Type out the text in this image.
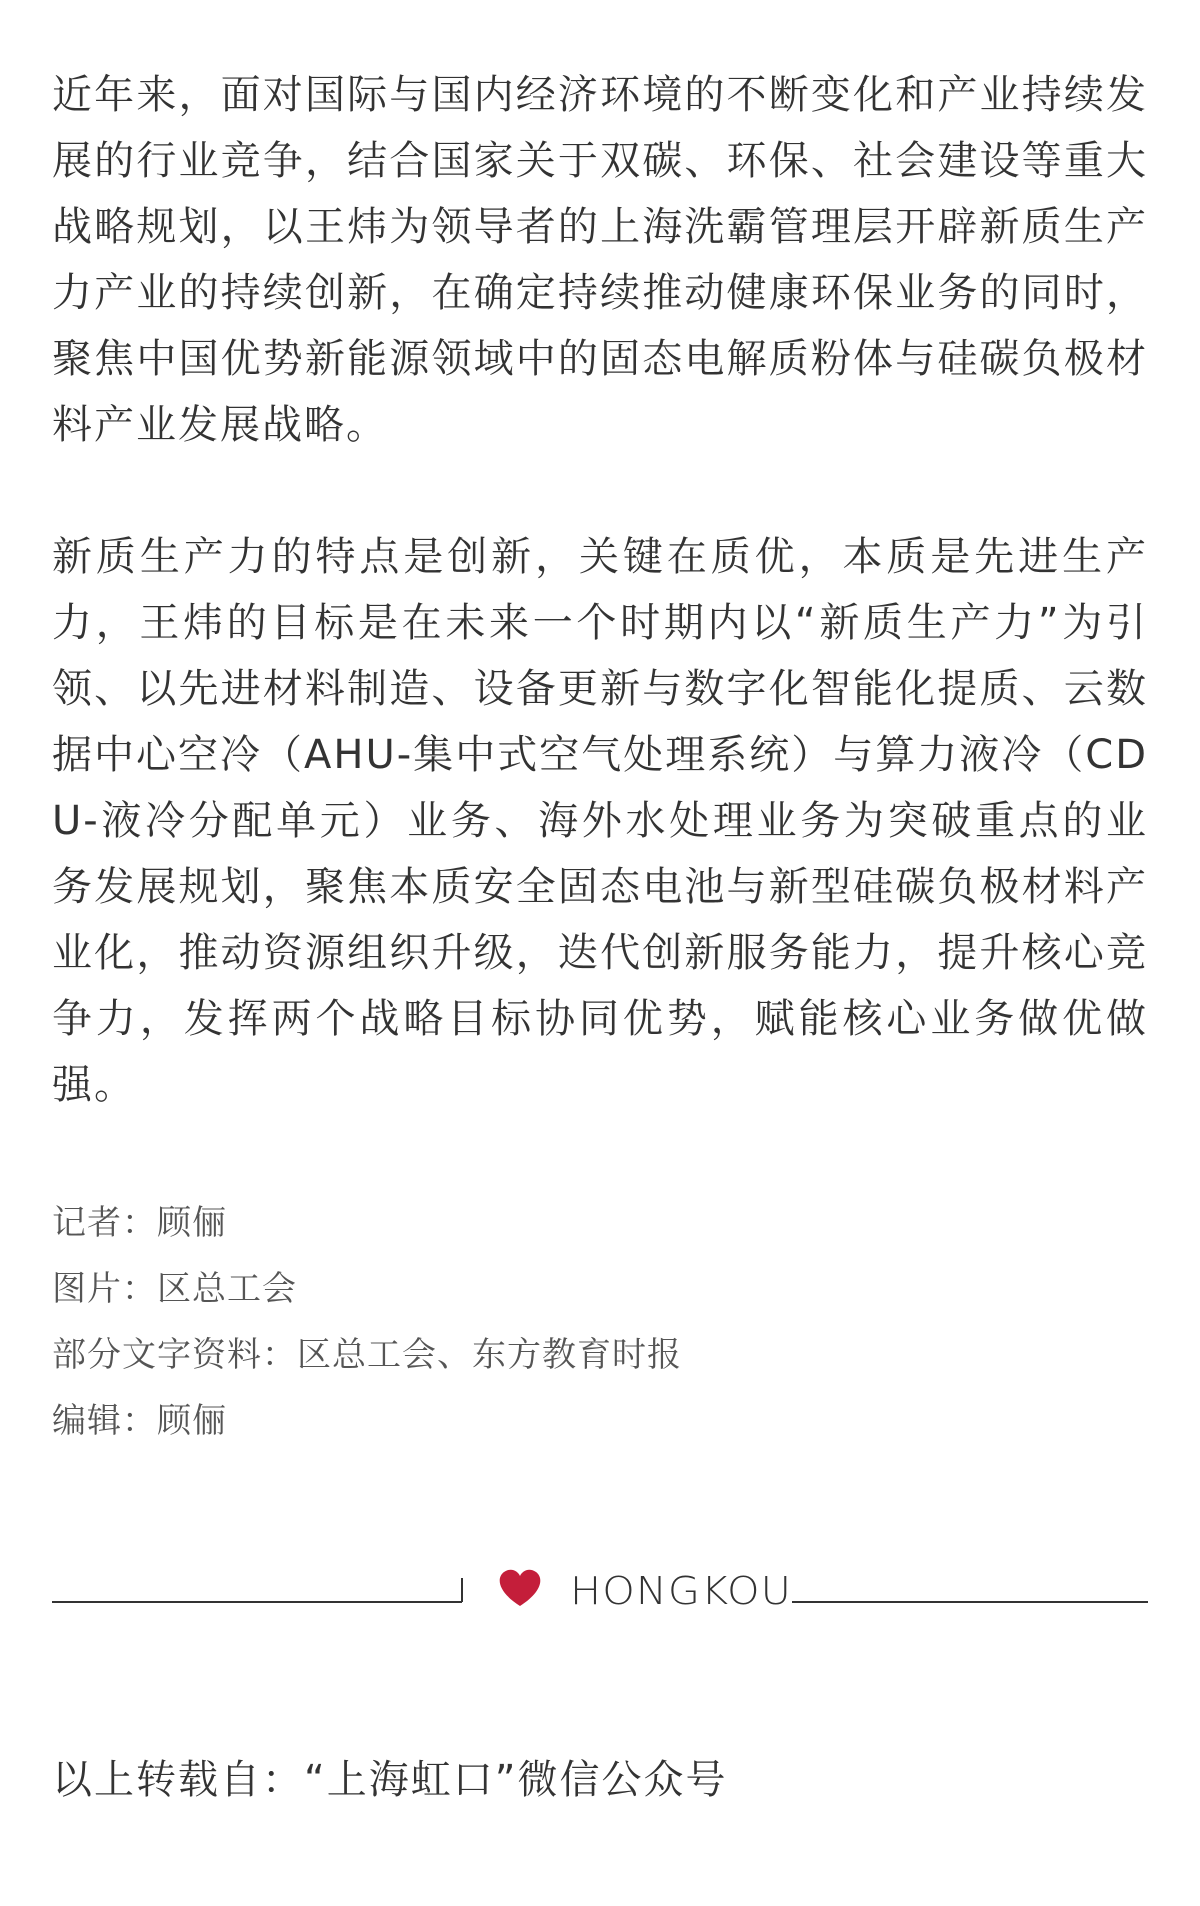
近年来，面对国际与国内经济环境的不断变化和产业持续发展的行业竞争，结合国家关于双碳、环保、社会建设等重大战略规划，以王炜为领导者的上海洗霸管理层开辟新质生产力产业的持续创新，在确定持续推动健康环保业务的同时，聚焦中国优势新能源领域中的固态电解质粉体与硅碳负极材料产业发展战略。

新质生产力的特点是创新，关键在质优，本质是先进生产力，王炜的目标是在未来一个时期内以“新质生产力”为引领、以先进材料制造、设备更新与数字化智能化提质、云数据中心空冷（AHU-集中式空气处理系统）与算力液冷（CDU-液冷分配单元）业务、海外水处理业务为突破重点的业务发展规划，聚焦本质安全固态电池与新型硅碳负极材料产业化，推动资源组织升级，迭代创新服务能力，提升核心竞争力，发挥两个战略目标协同优势，赋能核心业务做优做强。

记者：顾俪
图片：区总工会
部分文字资料：区总工会、东方教育时报
编辑：顾俪
HONGKOU
以上转载自：“上海虹口”微信公众号
